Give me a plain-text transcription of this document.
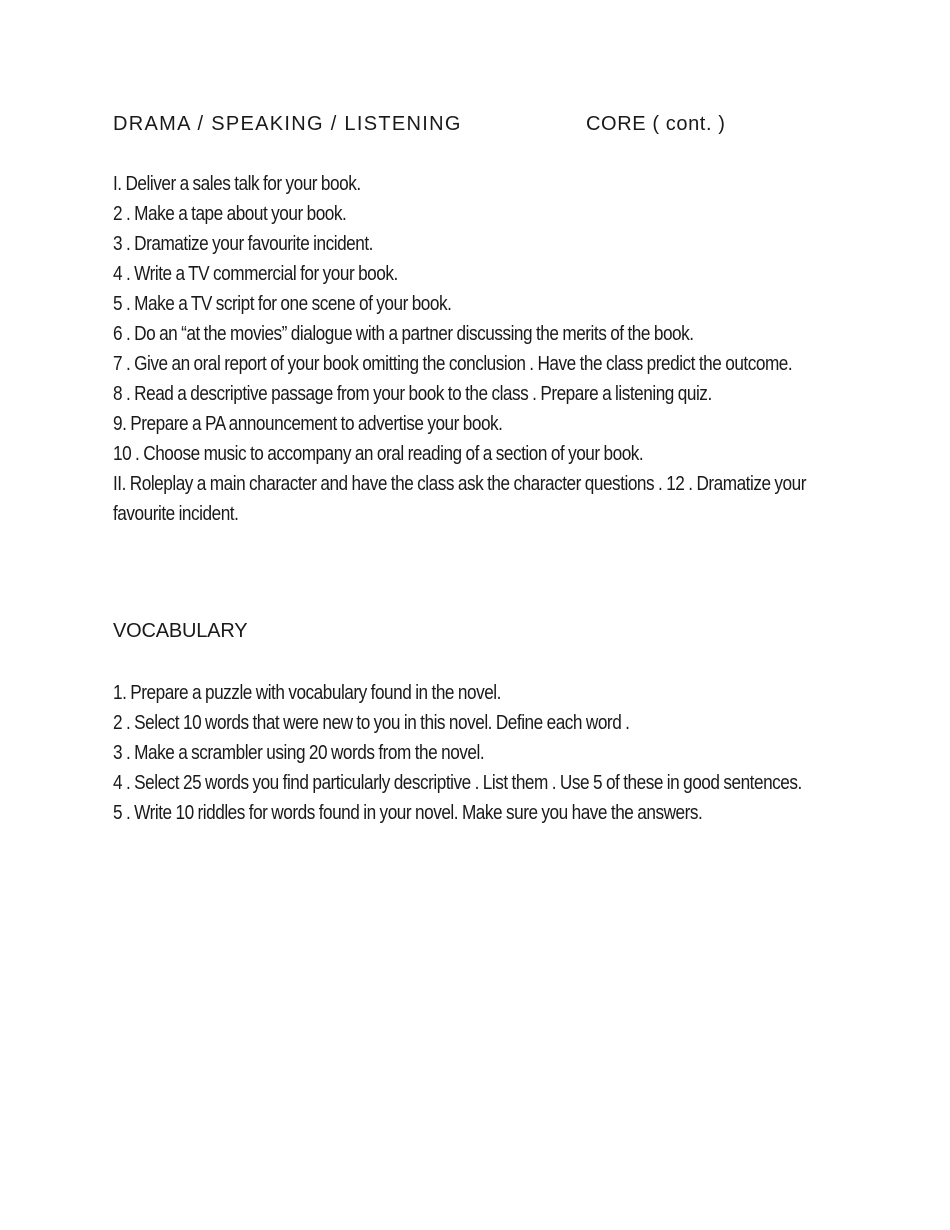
DRAMA / SPEAKING / LISTENING	CORE ( cont. )
I. Deliver a sales talk for your book.
2 . Make a tape about your book.
3 . Dramatize your favourite incident.
4 . Write a TV commercial for your book.
5 . Make a TV script for one scene of your book.
6 . Do an “at the movies” dialogue with a partner discussing the merits of the book.
7 . Give an oral report of your book omitting the conclusion . Have the class predict the outcome.
8 . Read a descriptive passage from your book to the class . Prepare a listening quiz.
9. Prepare a PA announcement to advertise your book.
10 . Choose music to accompany an oral reading of a section of your book.
II. Roleplay a main character and have the class ask the character questions . 12 . Dramatize your favourite incident.
VOCABULARY
1. Prepare a puzzle with vocabulary found in the novel.
2 . Select 10 words that were new to you in this novel. Define each word .
3 . Make a scrambler using 20 words from the novel.
4 . Select 25 words you find particularly descriptive . List them . Use 5 of these in good sentences.
5 . Write 10 riddles for words found in your novel. Make sure you have the answers.
